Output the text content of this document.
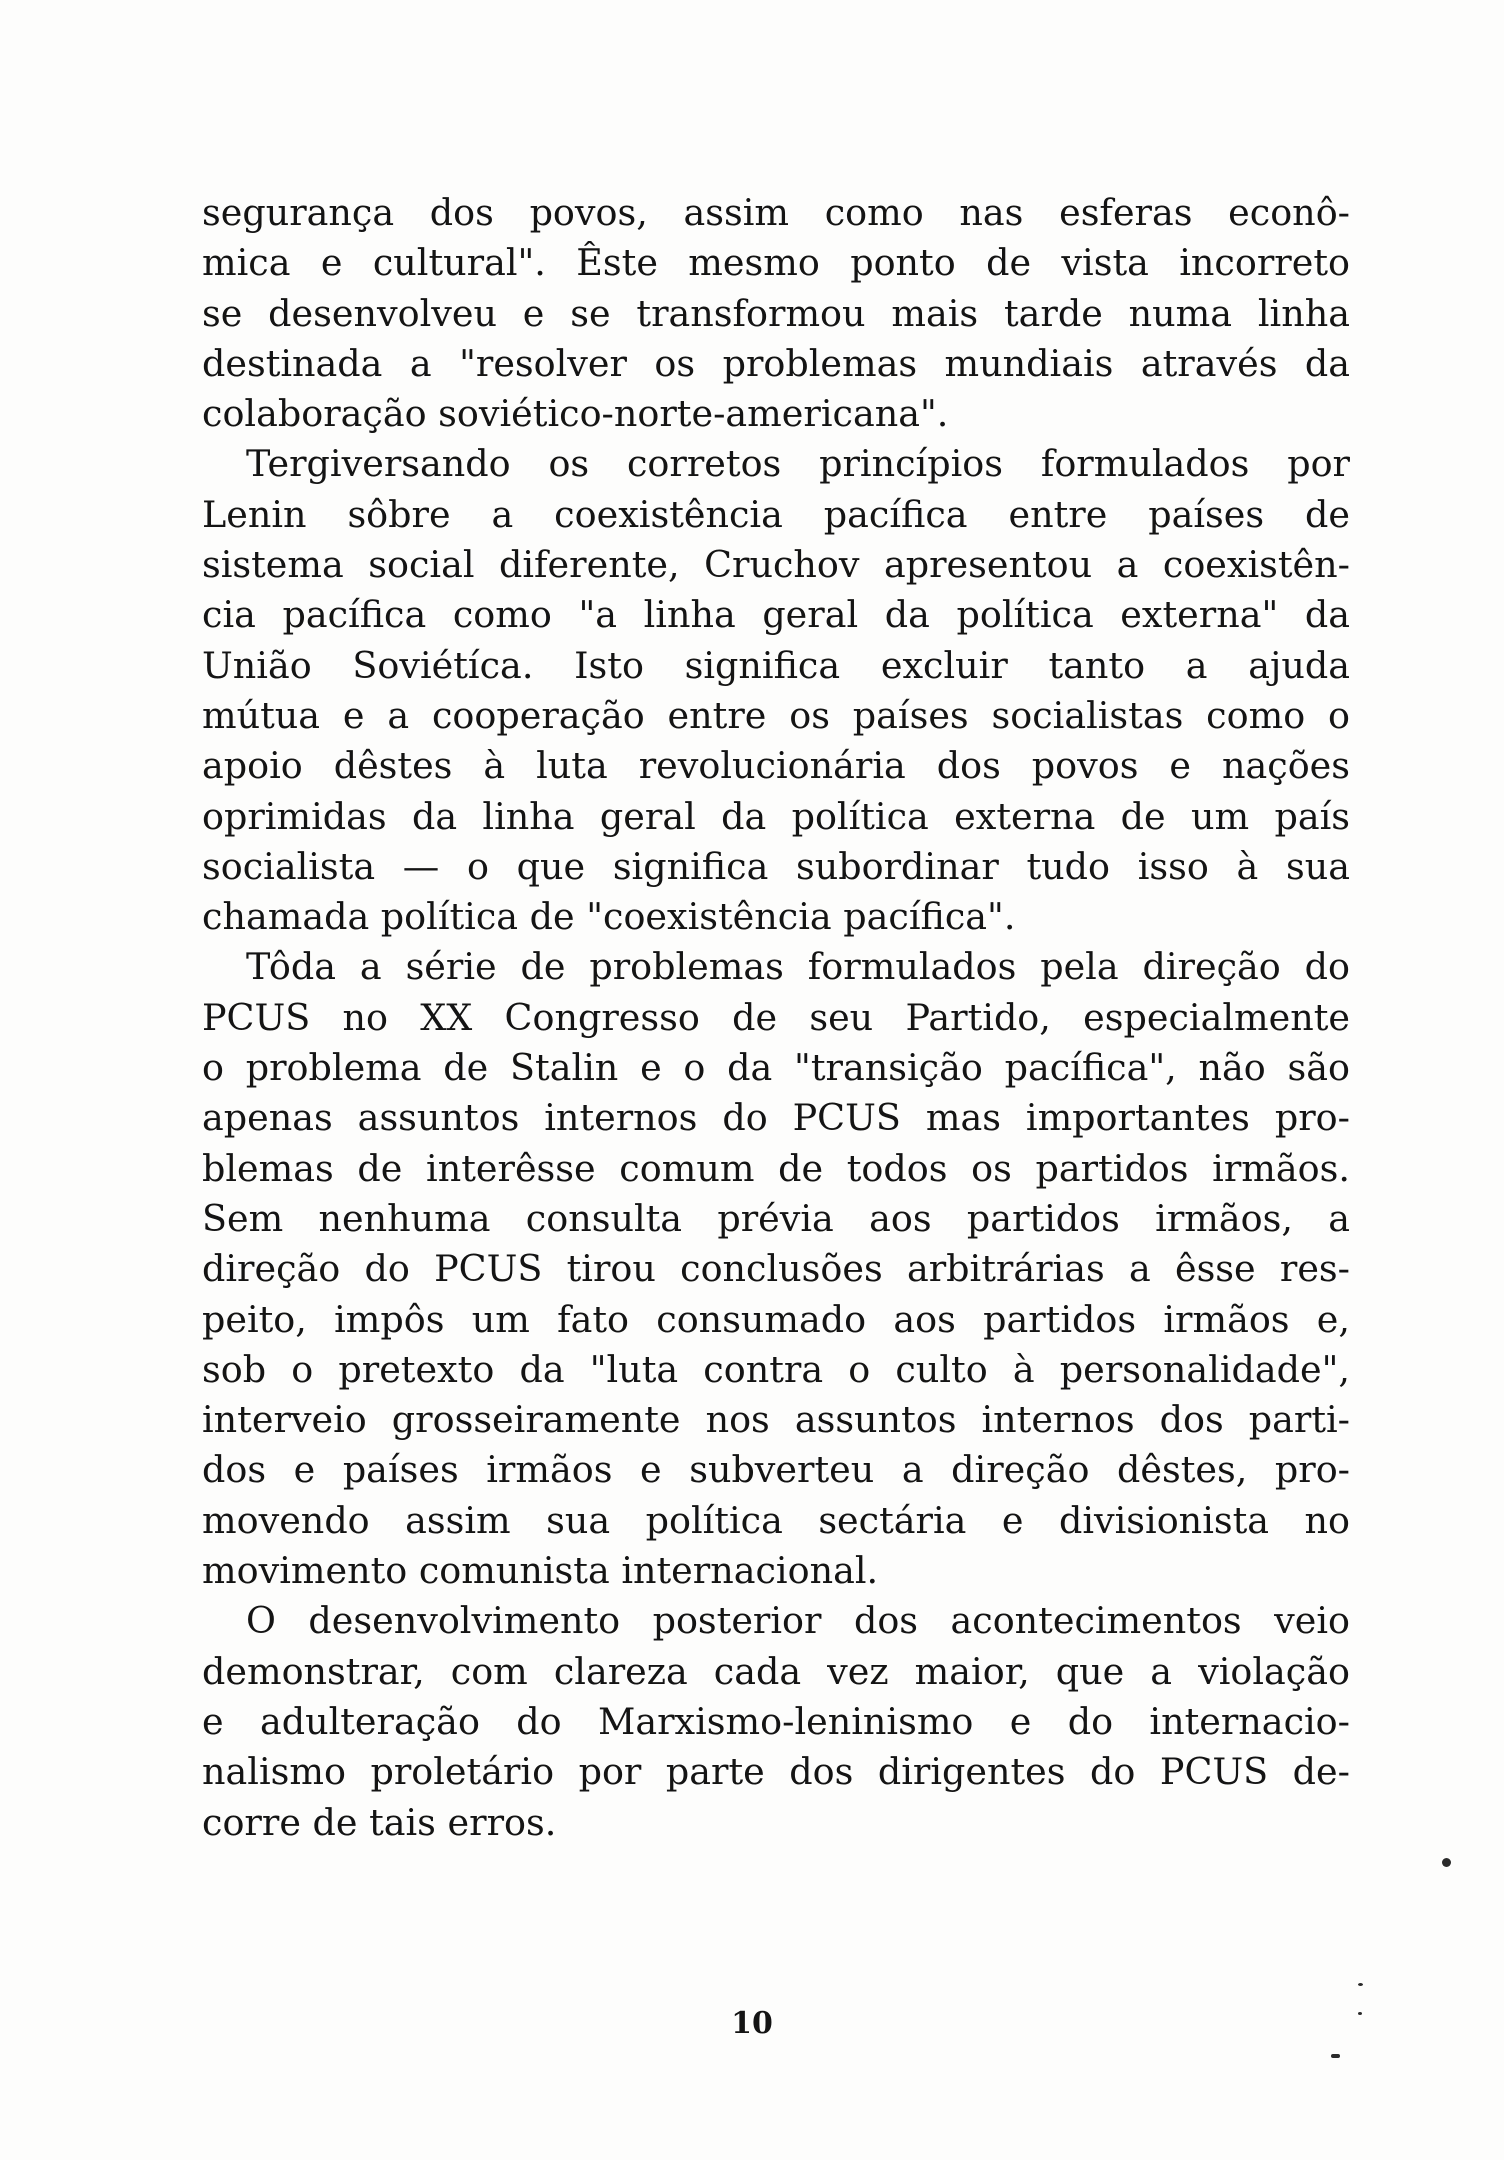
segurança dos povos, assim como nas esferas econô-
mica e cultural". Êste mesmo ponto de vista incorreto
se desenvolveu e se transformou mais tarde numa linha
destinada a "resolver os problemas mundiais através da
colaboração soviético-norte-americana".
Tergiversando os corretos princípios formulados por
Lenin sôbre a coexistência pacífica entre países de
sistema social diferente, Cruchov apresentou a coexistên-
cia pacífica como "a linha geral da política externa" da
União Soviétíca. Isto significa excluir tanto a ajuda
mútua e a cooperação entre os países socialistas como o
apoio dêstes à luta revolucionária dos povos e nações
oprimidas da linha geral da política externa de um país
socialista — o que significa subordinar tudo isso à sua
chamada política de "coexistência pacífica".
Tôda a série de problemas formulados pela direção do
PCUS no XX Congresso de seu Partido, especialmente
o problema de Stalin e o da "transição pacífica", não são
apenas assuntos internos do PCUS mas importantes pro-
blemas de interêsse comum de todos os partidos irmãos.
Sem nenhuma consulta prévia aos partidos irmãos, a
direção do PCUS tirou conclusões arbitrárias a êsse res-
peito, impôs um fato consumado aos partidos irmãos e,
sob o pretexto da "luta contra o culto à personalidade",
interveio grosseiramente nos assuntos internos dos parti-
dos e países irmãos e subverteu a direção dêstes, pro-
movendo assim sua política sectária e divisionista no
movimento comunista internacional.
O desenvolvimento posterior dos acontecimentos veio
demonstrar, com clareza cada vez maior, que a violação
e adulteração do Marxismo-leninismo e do internacio-
nalismo proletário por parte dos dirigentes do PCUS de-
corre de tais erros.
10
